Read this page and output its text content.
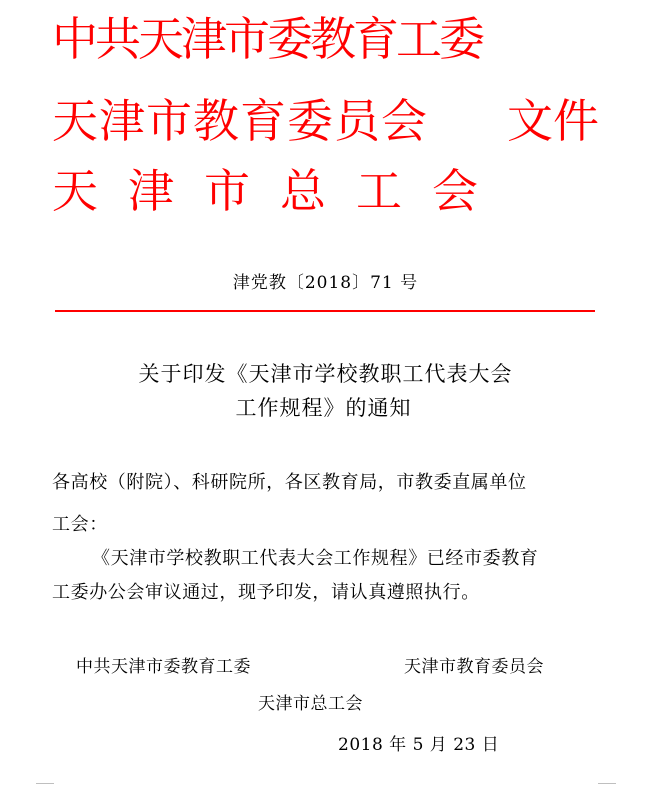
中共天津市委教育工委
天津市教育委员会
天津市总工会
文件
津党教〔2018〕71 号
关于印发《天津市学校教职工代表大会
工作规程》的通知
各高校（附院）、科研院所，各区教育局，市教委直属单位
工会：
《天津市学校教职工代表大会工作规程》已经市委教育
工委办公会审议通过，现予印发，请认真遵照执行。
中共天津市委教育工委	天津市教育委员会
天津市总工会
2018 年 5 月 23 日
